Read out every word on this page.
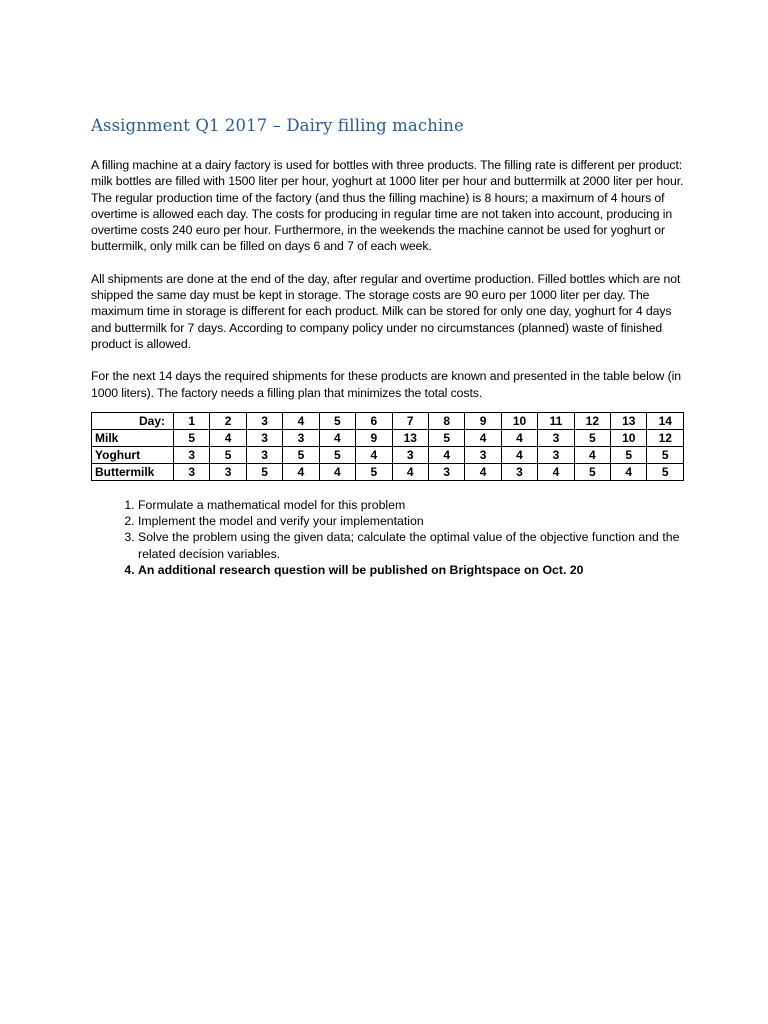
Assignment Q1 2017 – Dairy filling machine

A filling machine at a dairy factory is used for bottles with three products. The filling rate is different per product: milk bottles are filled with 1500 liter per hour, yoghurt at 1000 liter per hour and buttermilk at 2000 liter per hour. The regular production time of the factory (and thus the filling machine) is 8 hours; a maximum of 4 hours of overtime is allowed each day. The costs for producing in regular time are not taken into account, producing in overtime costs 240 euro per hour. Furthermore, in the weekends the machine cannot be used for yoghurt or buttermilk, only milk can be filled on days 6 and 7 of each week.

All shipments are done at the end of the day, after regular and overtime production. Filled bottles which are not shipped the same day must be kept in storage. The storage costs are 90 euro per 1000 liter per day. The maximum time in storage is different for each product. Milk can be stored for only one day, yoghurt for 4 days and buttermilk for 7 days. According to company policy under no circumstances (planned) waste of finished product is allowed.

For the next 14 days the required shipments for these products are known and presented in the table below (in 1000 liters). The factory needs a filling plan that minimizes the total costs.

Day:	1	2	3	4	5	6	7	8	9	10	11	12	13	14
Milk	5	4	3	3	4	9	13	5	4	4	3	5	10	12
Yoghurt	3	5	3	5	5	4	3	4	3	4	3	4	5	5
Buttermilk	3	3	5	4	4	5	4	3	4	3	4	5	4	5
1. Formulate a mathematical model for this problem
2. Implement the model and verify your implementation
3. Solve the problem using the given data; calculate the optimal value of the objective function and the related decision variables.
4. An additional research question will be published on Brightspace on Oct. 20
